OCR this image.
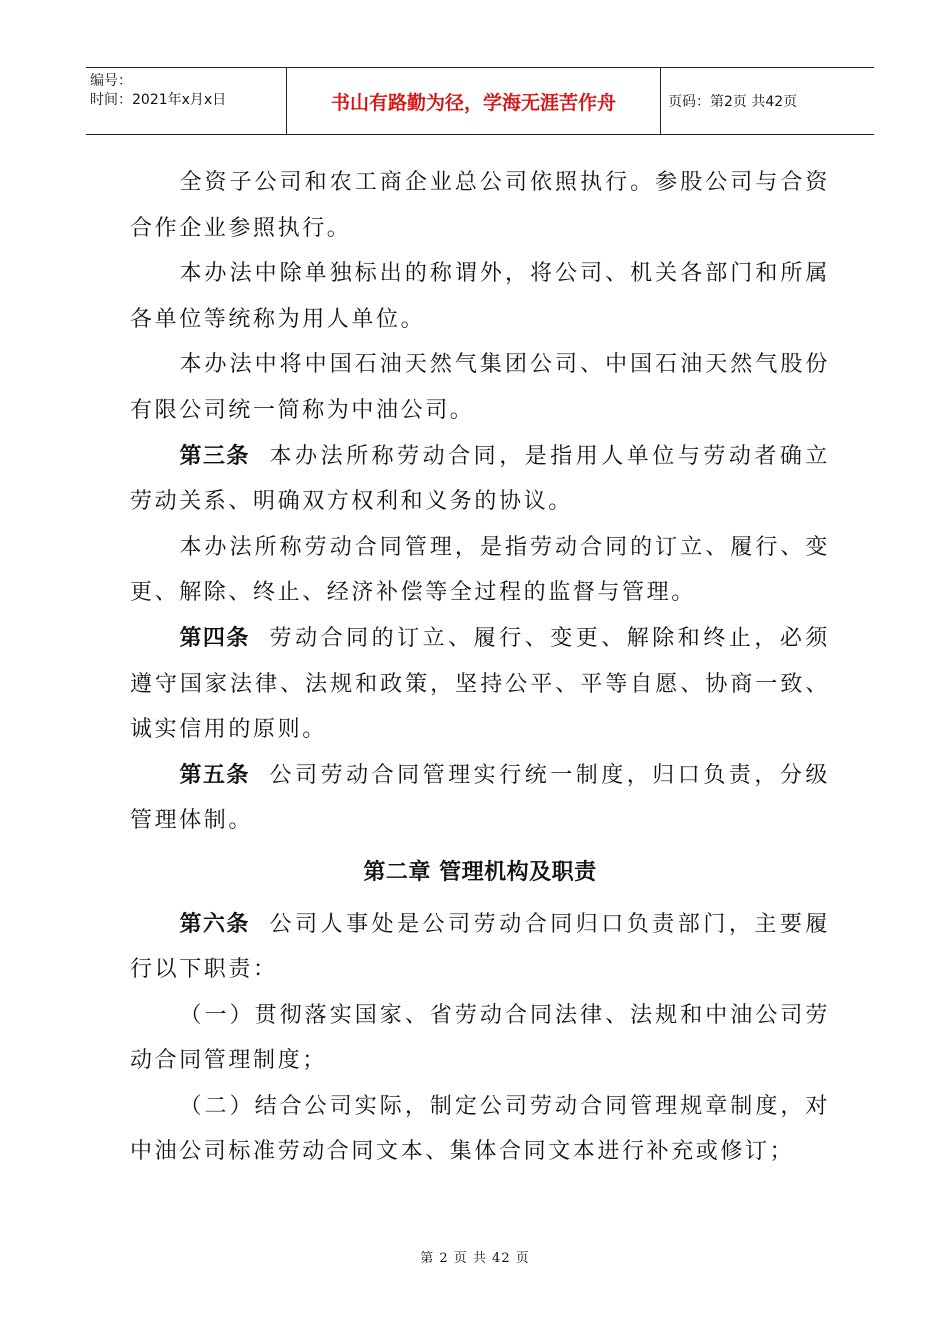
编号：
时间：2021年x月x日	书山有路勤为径，学海无涯苦作舟	页码：第2页 共42页

全资子公司和农工商企业总公司依照执行。参股公司与合资合作企业参照执行。

本办法中除单独标出的称谓外，将公司、机关各部门和所属各单位等统称为用人单位。

本办法中将中国石油天然气集团公司、中国石油天然气股份有限公司统一简称为中油公司。

第三条 本办法所称劳动合同，是指用人单位与劳动者确立劳动关系、明确双方权利和义务的协议。

本办法所称劳动合同管理，是指劳动合同的订立、履行、变更、解除、终止、经济补偿等全过程的监督与管理。

第四条 劳动合同的订立、履行、变更、解除和终止，必须遵守国家法律、法规和政策，坚持公平、平等自愿、协商一致、诚实信用的原则。

第五条 公司劳动合同管理实行统一制度，归口负责，分级管理体制。

第二章 管理机构及职责

第六条 公司人事处是公司劳动合同归口负责部门，主要履行以下职责：

（一）贯彻落实国家、省劳动合同法律、法规和中油公司劳动合同管理制度；

（二）结合公司实际，制定公司劳动合同管理规章制度，对中油公司标准劳动合同文本、集体合同文本进行补充或修订；

第 2 页 共 42 页
